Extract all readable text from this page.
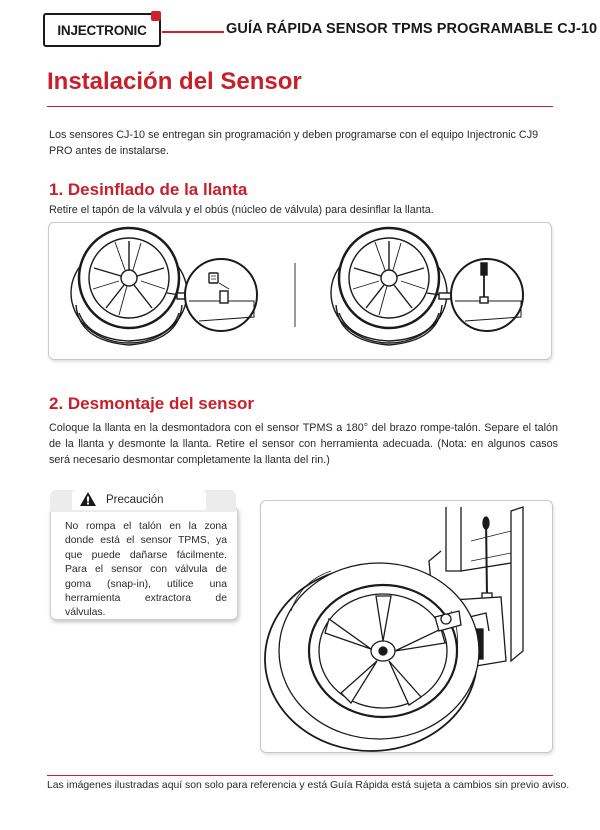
INJECTRONIC	GUÍA RÁPIDA SENSOR TPMS PROGRAMABLE CJ-10
Instalación del Sensor
Los sensores CJ-10 se entregan sin programación y deben programarse con el equipo Injectronic CJ9 PRO antes de instalarse.
1. Desinflado de la llanta
Retire el tapón de la válvula y el obús (núcleo de válvula) para desinflar la llanta.
2. Desmontaje del sensor
Coloque la llanta en la desmontadora con el sensor TPMS a 180° del brazo rompe-talón. Separe el talón de la llanta y desmonte la llanta. Retire el sensor con herramienta adecuada. (Nota: en algunos casos será necesario desmontar completamente la llanta del rin.)
Precaución
No rompa el talón en la zona donde está el sensor TPMS, ya que puede dañarse fácilmente. Para el sensor con válvula de goma (snap-in), utilice una herramienta extractora de válvulas.
Las imágenes ilustradas aquí son solo para referencia y está Guía Rápida está sujeta a cambios sin previo aviso.
